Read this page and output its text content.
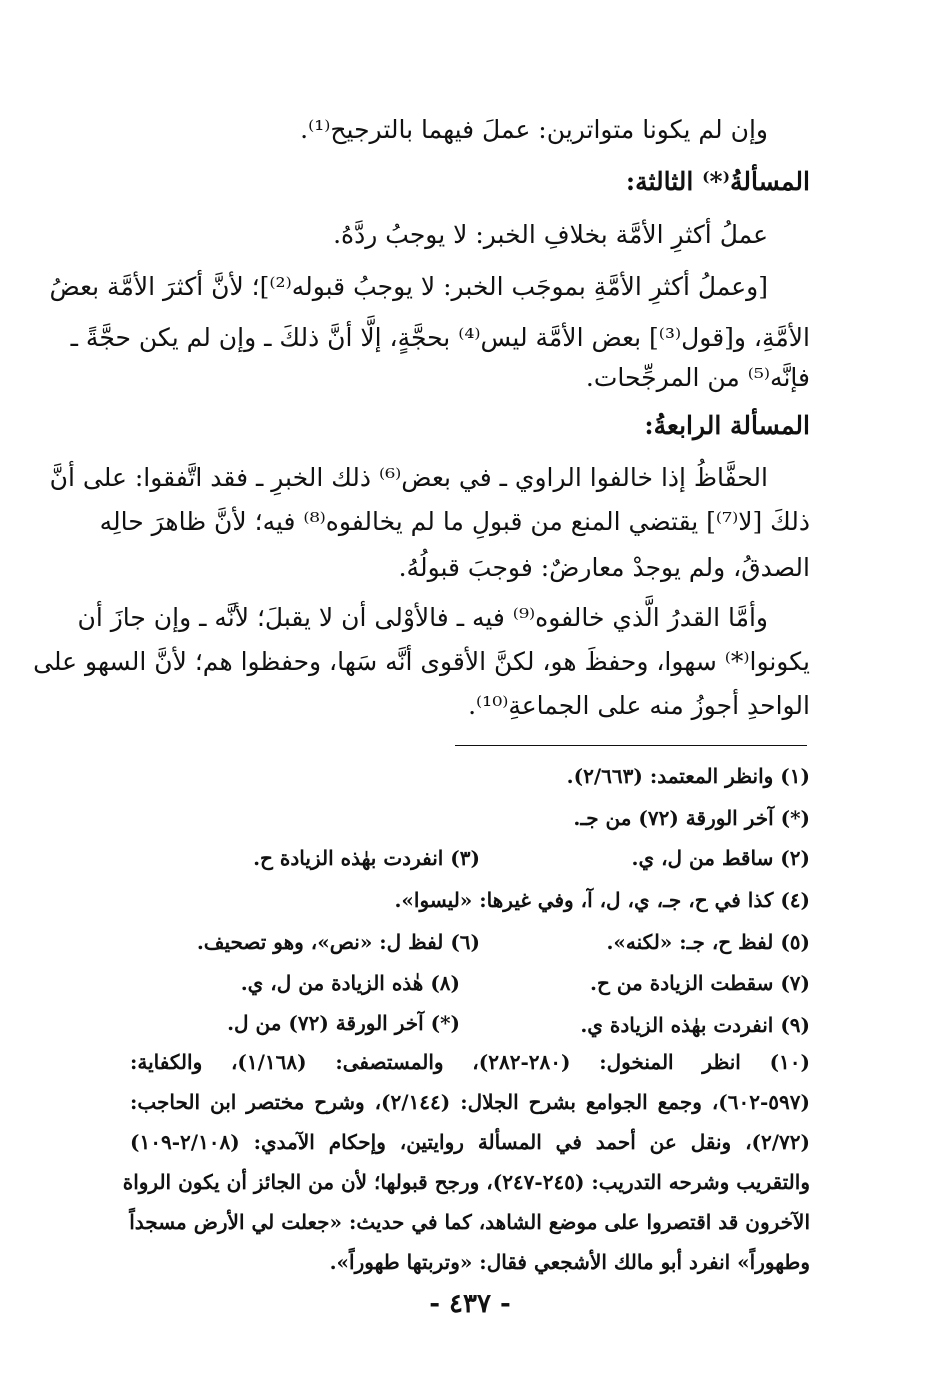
وإن لم يكونا متواترين: عملَ فيهما بالترجيح⁽¹⁾.
المسألةُ⁽*⁾ الثالثة:
عملُ أكثرِ الأمَّة بخلافِ الخبر: لا يوجبُ ردَّهُ.
[وعملُ أكثرِ الأمَّةِ بموجَب الخبر: لا يوجبُ قبوله⁽²⁾]؛ لأنَّ أكثرَ الأمَّة بعضُ
الأمَّةِ، و[قول⁽³⁾] بعض الأمَّة ليس⁽⁴⁾ بحجَّةٍ، إلَّا أنَّ ذلكَ ـ وإن لم يكن حجَّةً ـ
فإنَّه⁽⁵⁾ من المرجِّحات.
المسألة الرابعةُ:
الحفَّاظُ إذا خالفوا الراوي ـ في بعض⁽⁶⁾ ذلك الخبرِ ـ فقد اتَّفقوا: على أنَّ
ذلكَ [لا⁽⁷⁾] يقتضي المنع من قبولِ ما لم يخالفوه⁽⁸⁾ فيه؛ لأنَّ ظاهرَ حالِه
الصدقُ، ولم يوجدْ معارضٌ: فوجبَ قبولُهُ.
وأمَّا القدرُ الَّذي خالفوه⁽⁹⁾ فيه ـ فالأوْلى أن لا يقبلَ؛ لأنَّه ـ وإن جازَ أن
يكونوا⁽*⁾ سهوا، وحفظَ هو، لكنَّ الأقوى أنَّه سَها، وحفظوا هم؛ لأنَّ السهو على
الواحدِ أجوزُ منه على الجماعةِ⁽¹⁰⁾.
(١) وانظر المعتمد: (٢/٦٦٣).
(*) آخر الورقة (٧٢) من جـ.
(٢) ساقط من ل، ي.
(٣) انفردت بهٰذه الزيادة ح.
(٤) كذا في ح، جـ، ي، ل، آ، وفي غيرها: «ليسوا».
(٥) لفظ ح، جـ: «لكنه».
(٦) لفظ ل: «نص»، وهو تصحيف.
(٧) سقطت الزيادة من ح.
(٨) هٰذه الزيادة من ل، ي.
(٩) انفردت بهٰذه الزيادة ي.
(*) آخر الورقة (٧٢) من ل.
(١٠) انظر المنخول: (٢٨٠-٢٨٢)، والمستصفى: (١/١٦٨)، والكفاية:
(٥٩٧-٦٠٢)، وجمع الجوامع بشرح الجلال: (٢/١٤٤)، وشرح مختصر ابن الحاجب:
(٢/٧٢)، ونقل عن أحمد في المسألة روايتين، وإحكام الآمدي: (٢/١٠٨-١٠٩)
والتقريب وشرحه التدريب: (٢٤٥-٢٤٧)، ورجح قبولها؛ لأن من الجائز أن يكون الرواة
الآخرون قد اقتصروا على موضع الشاهد، كما في حديث: «جعلت لي الأرض مسجداً
وطهوراً» انفرد أبو مالك الأشجعي فقال: «وتربتها طهوراً».
- ٤٣٧ -
